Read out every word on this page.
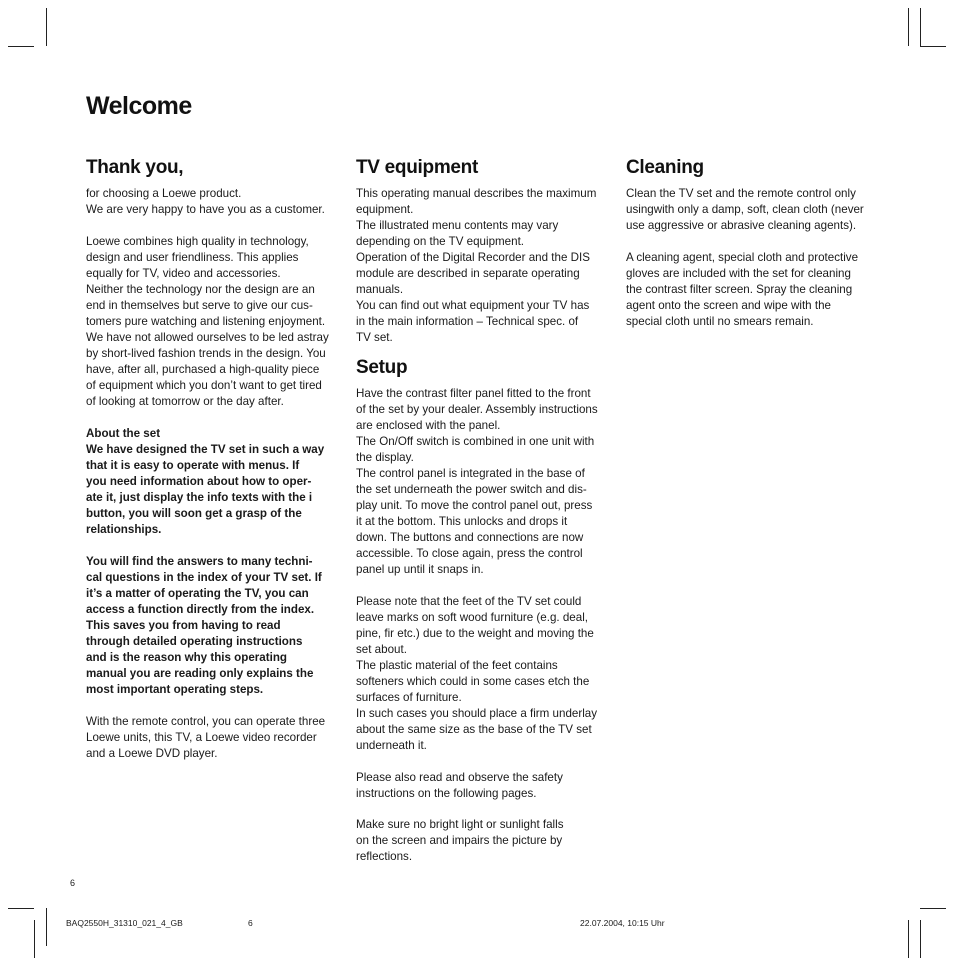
Welcome
Thank you,

for choosing a Loewe product.
We are very happy to have you as a customer.

Loewe combines high quality in technology,
design and user friendliness. This applies
equally for TV, video and accessories.
Neither the technology nor the design are an
end in themselves but serve to give our cus-
tomers pure watching and listening enjoyment.
We have not allowed ourselves to be led astray
by short-lived fashion trends in the design. You
have, after all, purchased a high-quality piece
of equipment which you don’t want to get tired
of looking at tomorrow or the day after.

About the set
We have designed the TV set in such a way
that it is easy to operate with menus. If
you need information about how to oper-
ate it, just display the info texts with the i
button, you will soon get a grasp of the
relationships.

You will find the answers to many techni-
cal questions in the index of your TV set. If
it’s a matter of operating the TV, you can
access a function directly from the index.
This saves you from having to read
through detailed operating instructions
and is the reason why this operating
manual you are reading only explains the
most important operating steps.

With the remote control, you can operate three
Loewe units, this TV, a Loewe video recorder
and a Loewe DVD player.

TV equipment

This operating manual describes the maximum
equipment.
The illustrated menu contents may vary
depending on the TV equipment.
Operation of the Digital Recorder and the DIS
module are described in separate operating
manuals.
You can find out what equipment your TV has
in the main information – Technical spec. of
TV set.

Setup

Have the contrast filter panel fitted to the front
of the set by your dealer. Assembly instructions
are enclosed with the panel.
The On/Off switch is combined in one unit with
the display.
The control panel is integrated in the base of
the set underneath the power switch and dis-
play unit. To move the control panel out, press
it at the bottom. This unlocks and drops it
down. The buttons and connections are now
accessible. To close again, press the control
panel up until it snaps in.

Please note that the feet of the TV set could
leave marks on soft wood furniture (e.g. deal,
pine, fir etc.) due to the weight and moving the
set about.
The plastic material of the feet contains
softeners which could in some cases etch the
surfaces of furniture.
In such cases you should place a firm underlay
about the same size as the base of the TV set
underneath it.

Please also read and observe the safety
instructions on the following pages.

Make sure no bright light or sunlight falls
on the screen and impairs the picture by
reflections.

Cleaning

Clean the TV set and the remote control only
usingwith only a damp, soft, clean cloth (never
use aggressive or abrasive cleaning agents).

A cleaning agent, special cloth and protective
gloves are included with the set for cleaning
the contrast filter screen. Spray the cleaning
agent onto the screen and wipe with the
special cloth until no smears remain.

6
BAQ2550H_31310_021_4_GB	6	22.07.2004, 10:15 Uhr
